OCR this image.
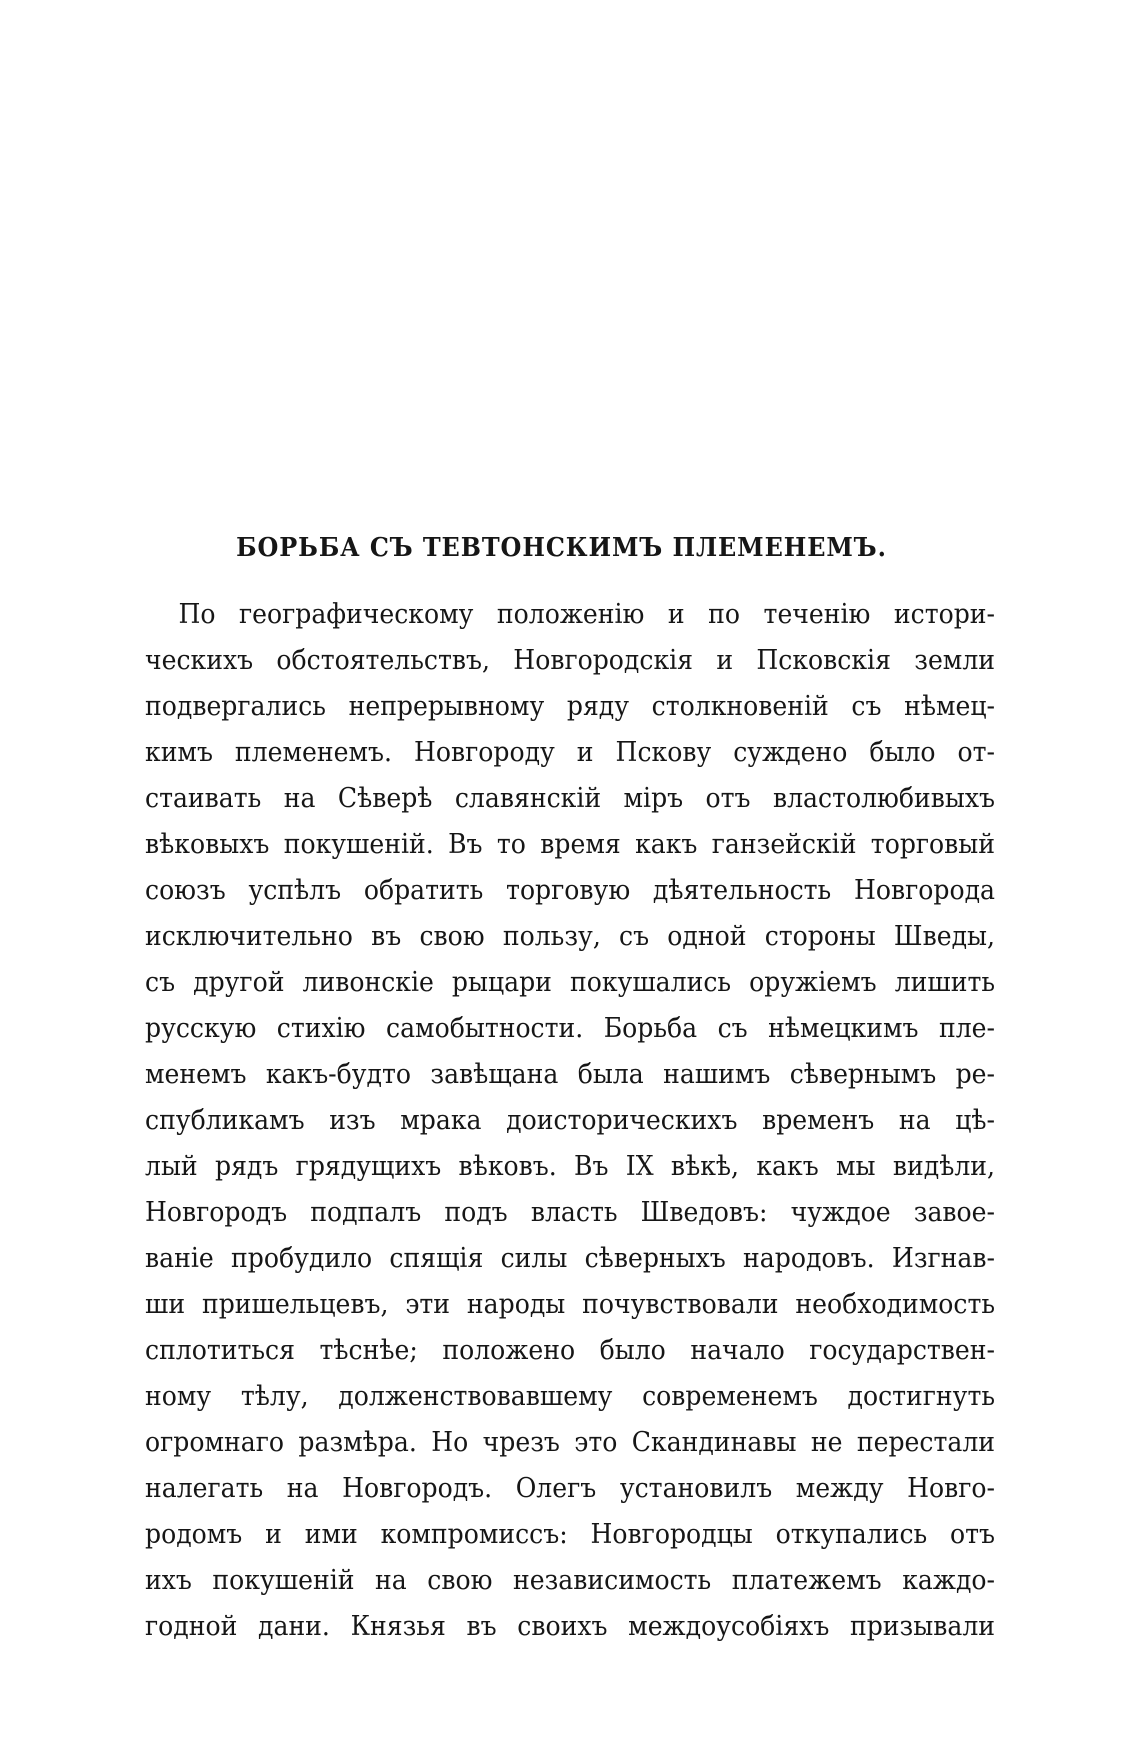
БОРЬБА СЪ ТЕВТОНСКИМЪ ПЛЕМЕНЕМЪ.
По географическому положенію и по теченію истори-
ческихъ обстоятельствъ, Новгородскія и Псковскія земли
подвергались непрерывному ряду столкновеній съ нѣмец-
кимъ племенемъ. Новгороду и Пскову суждено было от-
стаивать на Сѣверѣ славянскій міръ отъ властолюбивыхъ
вѣковыхъ покушеній. Въ то время какъ ганзейскій торговый
союзъ успѣлъ обратить торговую дѣятельность Новгорода
исключительно въ свою пользу, съ одной стороны Шведы,
съ другой ливонскіе рыцари покушались оружіемъ лишить
русскую стихію самобытности. Борьба съ нѣмецкимъ пле-
менемъ какъ-будто завѣщана была нашимъ сѣвернымъ ре-
спубликамъ изъ мрака доисторическихъ временъ на цѣ-
лый рядъ грядущихъ вѣковъ. Въ IX вѣкѣ, какъ мы видѣли,
Новгородъ подпалъ подъ власть Шведовъ: чуждое завое-
ваніе пробудило спящія силы сѣверныхъ народовъ. Изгнав-
ши пришельцевъ, эти народы почувствовали необходимость
сплотиться тѣснѣе; положено было начало государствен-
ному тѣлу, долженствовавшему современемъ достигнуть
огромнаго размѣра. Но чрезъ это Скандинавы не перестали
налегать на Новгородъ. Олегъ установилъ между Новго-
родомъ и ими компромиссъ: Новгородцы откупались отъ
ихъ покушеній на свою независимость платежемъ каждо-
годной дани. Князья въ своихъ междоусобіяхъ призывали
